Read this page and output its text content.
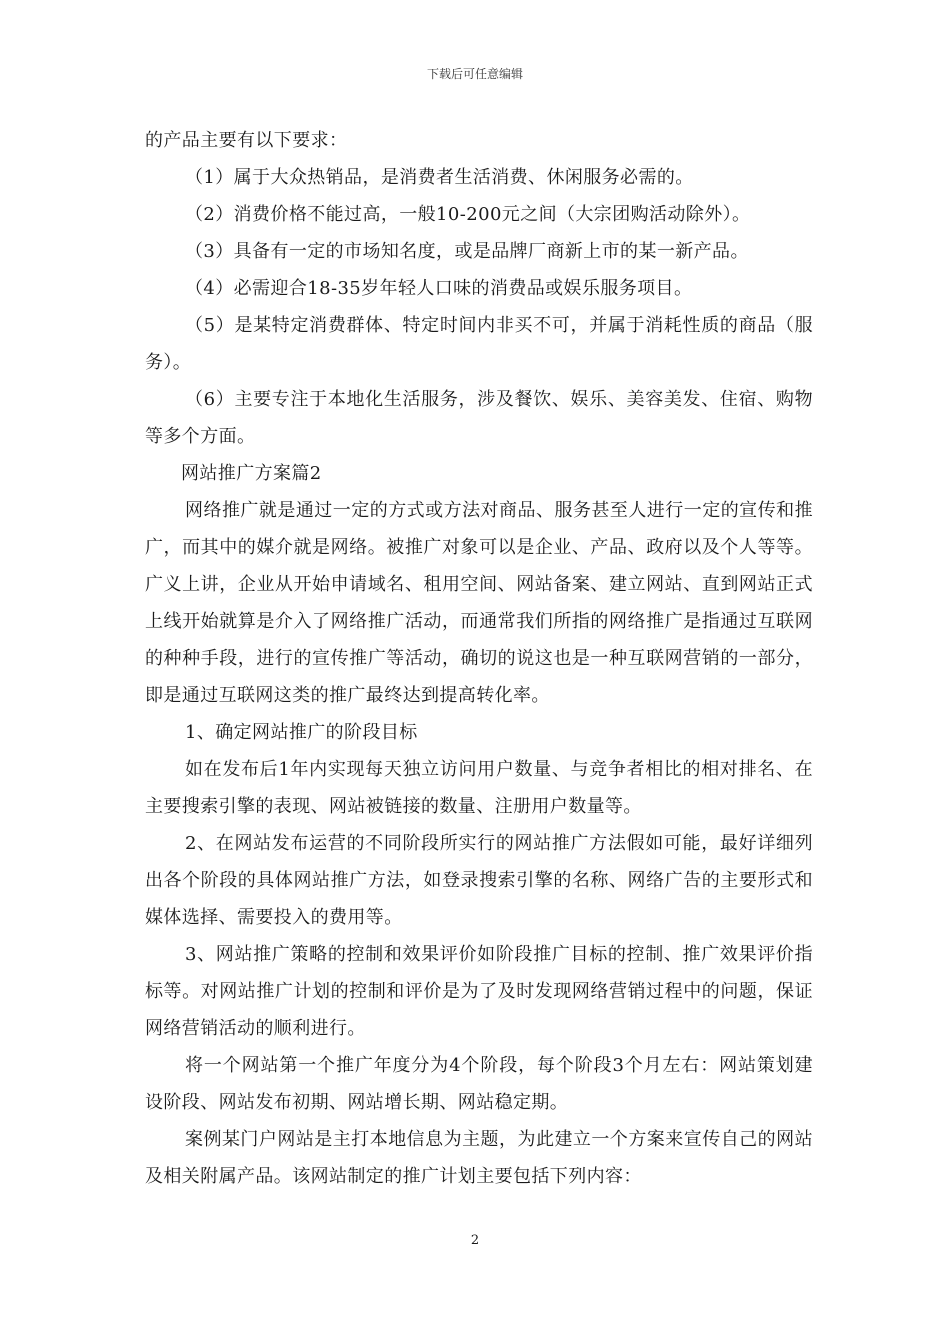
下载后可任意编辑

的产品主要有以下要求：

（1）属于大众热销品，是消费者生活消费、休闲服务必需的。

（2）消费价格不能过高，一般10-200元之间（大宗团购活动除外）。

（3）具备有一定的市场知名度，或是品牌厂商新上市的某一新产品。

（4）必需迎合18-35岁年轻人口味的消费品或娱乐服务项目。

（5）是某特定消费群体、特定时间内非买不可，并属于消耗性质的商品（服务）。

（6）主要专注于本地化生活服务，涉及餐饮、娱乐、美容美发、住宿、购物等多个方面。

网站推广方案篇2

网络推广就是通过一定的方式或方法对商品、服务甚至人进行一定的宣传和推广，而其中的媒介就是网络。被推广对象可以是企业、产品、政府以及个人等等。广义上讲，企业从开始申请域名、租用空间、网站备案、建立网站、直到网站正式上线开始就算是介入了网络推广活动，而通常我们所指的网络推广是指通过互联网的种种手段，进行的宣传推广等活动，确切的说这也是一种互联网营销的一部分，即是通过互联网这类的推广最终达到提高转化率。

1、确定网站推广的阶段目标

如在发布后1年内实现每天独立访问用户数量、与竞争者相比的相对排名、在主要搜索引擎的表现、网站被链接的数量、注册用户数量等。

2、在网站发布运营的不同阶段所实行的网站推广方法假如可能，最好详细列出各个阶段的具体网站推广方法，如登录搜索引擎的名称、网络广告的主要形式和媒体选择、需要投入的费用等。

3、网站推广策略的控制和效果评价如阶段推广目标的控制、推广效果评价指标等。对网站推广计划的控制和评价是为了及时发现网络营销过程中的问题，保证网络营销活动的顺利进行。

将一个网站第一个推广年度分为4个阶段，每个阶段3个月左右：网站策划建设阶段、网站发布初期、网站增长期、网站稳定期。

案例某门户网站是主打本地信息为主题，为此建立一个方案来宣传自己的网站及相关附属产品。该网站制定的推广计划主要包括下列内容：

2
